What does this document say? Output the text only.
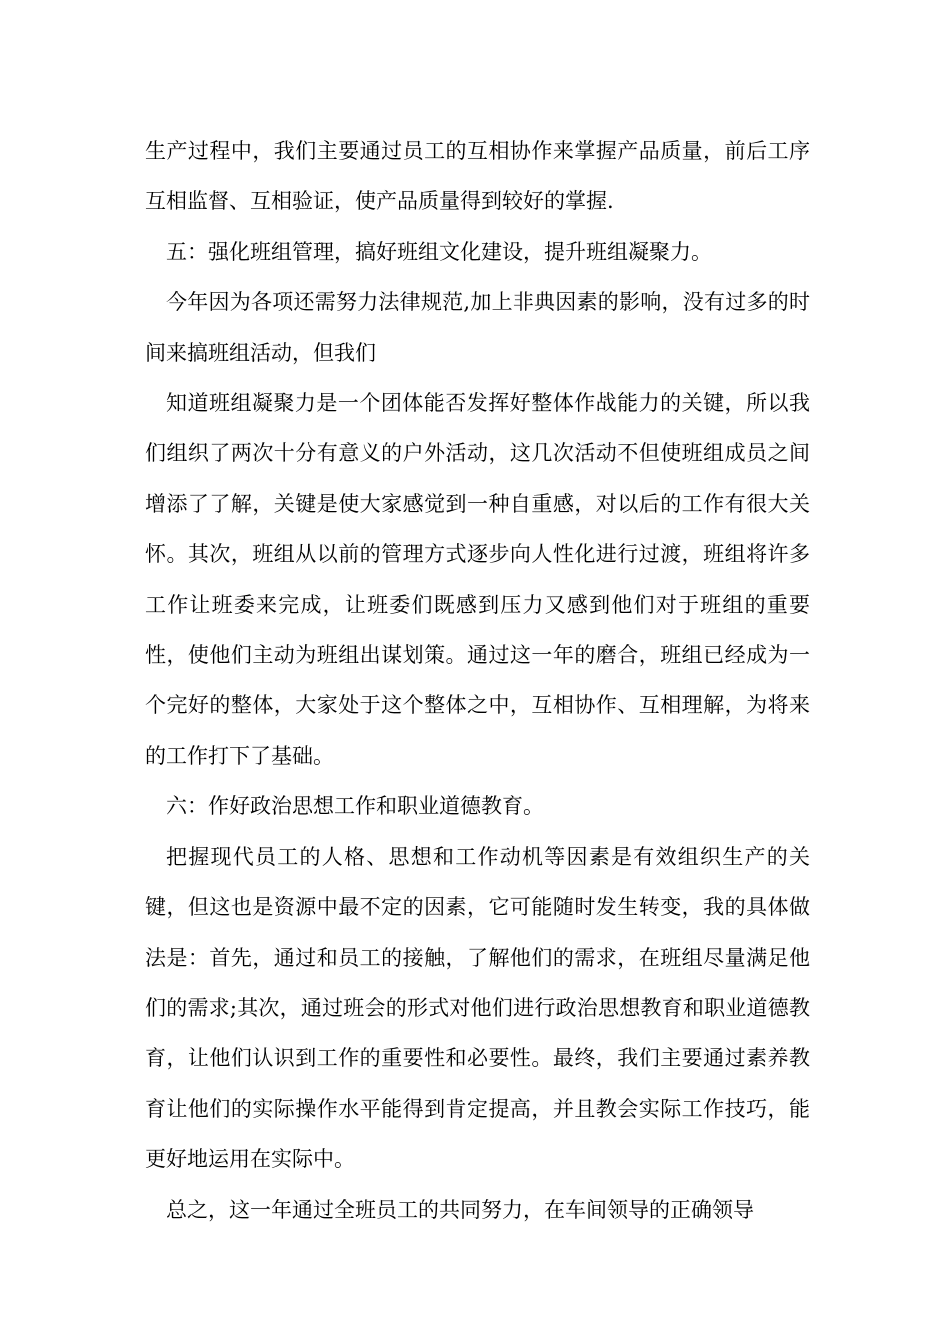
生产过程中，我们主要通过员工的互相协作来掌握产品质量，前后工序互相监督、互相验证，使产品质量得到较好的掌握.

五：强化班组管理，搞好班组文化建设，提升班组凝聚力。

今年因为各项还需努力法律规范,加上非典因素的影响，没有过多的时间来搞班组活动，但我们

知道班组凝聚力是一个团体能否发挥好整体作战能力的关键，所以我们组织了两次十分有意义的户外活动，这几次活动不但使班组成员之间增添了了解，关键是使大家感觉到一种自重感，对以后的工作有很大关怀。其次，班组从以前的管理方式逐步向人性化进行过渡，班组将许多工作让班委来完成，让班委们既感到压力又感到他们对于班组的重要性，使他们主动为班组出谋划策。通过这一年的磨合，班组已经成为一个完好的整体，大家处于这个整体之中，互相协作、互相理解，为将来的工作打下了基础。

六：作好政治思想工作和职业道德教育。

把握现代员工的人格、思想和工作动机等因素是有效组织生产的关键，但这也是资源中最不定的因素，它可能随时发生转变，我的具体做法是：首先，通过和员工的接触，了解他们的需求，在班组尽量满足他们的需求;其次，通过班会的形式对他们进行政治思想教育和职业道德教育，让他们认识到工作的重要性和必要性。最终，我们主要通过素养教育让他们的实际操作水平能得到肯定提高，并且教会实际工作技巧，能更好地运用在实际中。

总之，这一年通过全班员工的共同努力，在车间领导的正确领导
